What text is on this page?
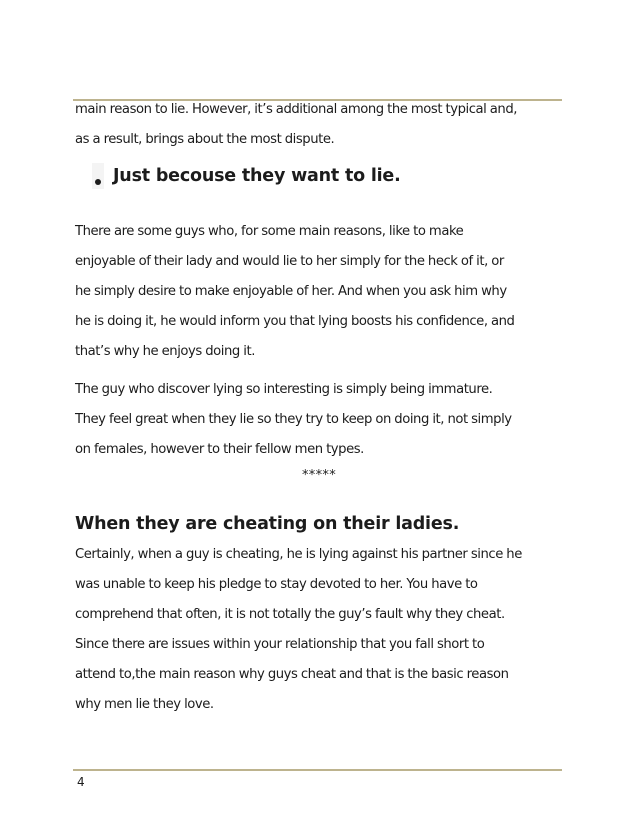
main reason to lie. However, it’s additional among the most typical and,
as a result, brings about the most dispute.
Just becouse they want to lie.
There are some guys who, for some main reasons, like to make
enjoyable of their lady and would lie to her simply for the heck of it, or
he simply desire to make enjoyable of her. And when you ask him why
he is doing it, he would inform you that lying boosts his confidence, and
that’s why he enjoys doing it.
The guy who discover lying so interesting is simply being immature.
They feel great when they lie so they try to keep on doing it, not simply
on females, however to their fellow men types.
*****
When they are cheating on their ladies.
Certainly, when a guy is cheating, he is lying against his partner since he
was unable to keep his pledge to stay devoted to her. You have to
comprehend that often, it is not totally the guy’s fault why they cheat.
Since there are issues within your relationship that you fall short to
attend to,the main reason why guys cheat and that is the basic reason
why men lie they love.
4
